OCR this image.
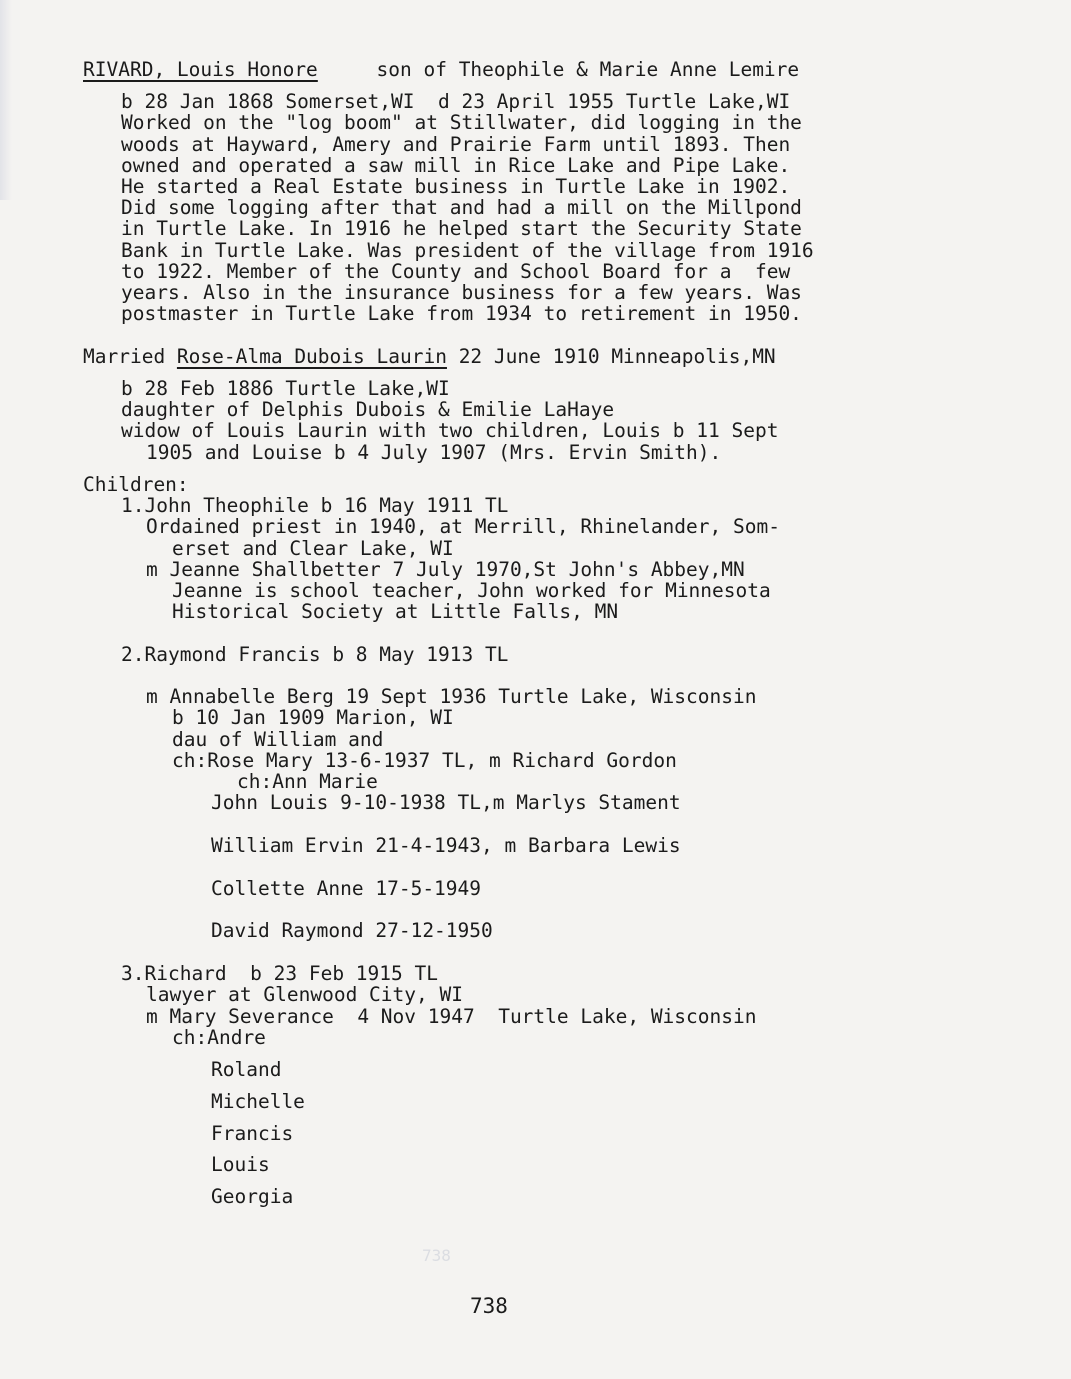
RIVARD, Louis Honore	son of Theophile & Marie Anne Lemire
b 28 Jan 1868 Somerset,WI  d 23 April 1955 Turtle Lake,WI
Worked on the "log boom" at Stillwater, did logging in the
woods at Hayward, Amery and Prairie Farm until 1893. Then
owned and operated a saw mill in Rice Lake and Pipe Lake.
He started a Real Estate business in Turtle Lake in 1902.
Did some logging after that and had a mill on the Millpond
in Turtle Lake. In 1916 he helped start the Security State
Bank in Turtle Lake. Was president of the village from 1916
to 1922. Member of the County and School Board for a  few
years. Also in the insurance business for a few years. Was
postmaster in Turtle Lake from 1934 to retirement in 1950.
Married Rose-Alma Dubois Laurin 22 June 1910 Minneapolis,MN
b 28 Feb 1886 Turtle Lake,WI
daughter of Delphis Dubois & Emilie LaHaye
widow of Louis Laurin with two children, Louis b 11 Sept
1905 and Louise b 4 July 1907 (Mrs. Ervin Smith).
Children:
1.John Theophile b 16 May 1911 TL
Ordained priest in 1940, at Merrill, Rhinelander, Som-
erset and Clear Lake, WI
m Jeanne Shallbetter 7 July 1970,St John's Abbey,MN
Jeanne is school teacher, John worked for Minnesota
Historical Society at Little Falls, MN
2.Raymond Francis b 8 May 1913 TL
m Annabelle Berg 19 Sept 1936 Turtle Lake, Wisconsin
b 10 Jan 1909 Marion, WI
dau of William and
ch:Rose Mary 13-6-1937 TL, m Richard Gordon
ch:Ann Marie
John Louis 9-10-1938 TL,m Marlys Stament
William Ervin 21-4-1943, m Barbara Lewis
Collette Anne 17-5-1949
David Raymond 27-12-1950
3.Richard  b 23 Feb 1915 TL
lawyer at Glenwood City, WI
m Mary Severance  4 Nov 1947  Turtle Lake, Wisconsin
ch:Andre
Roland
Michelle
Francis
Louis
Georgia
738
738
